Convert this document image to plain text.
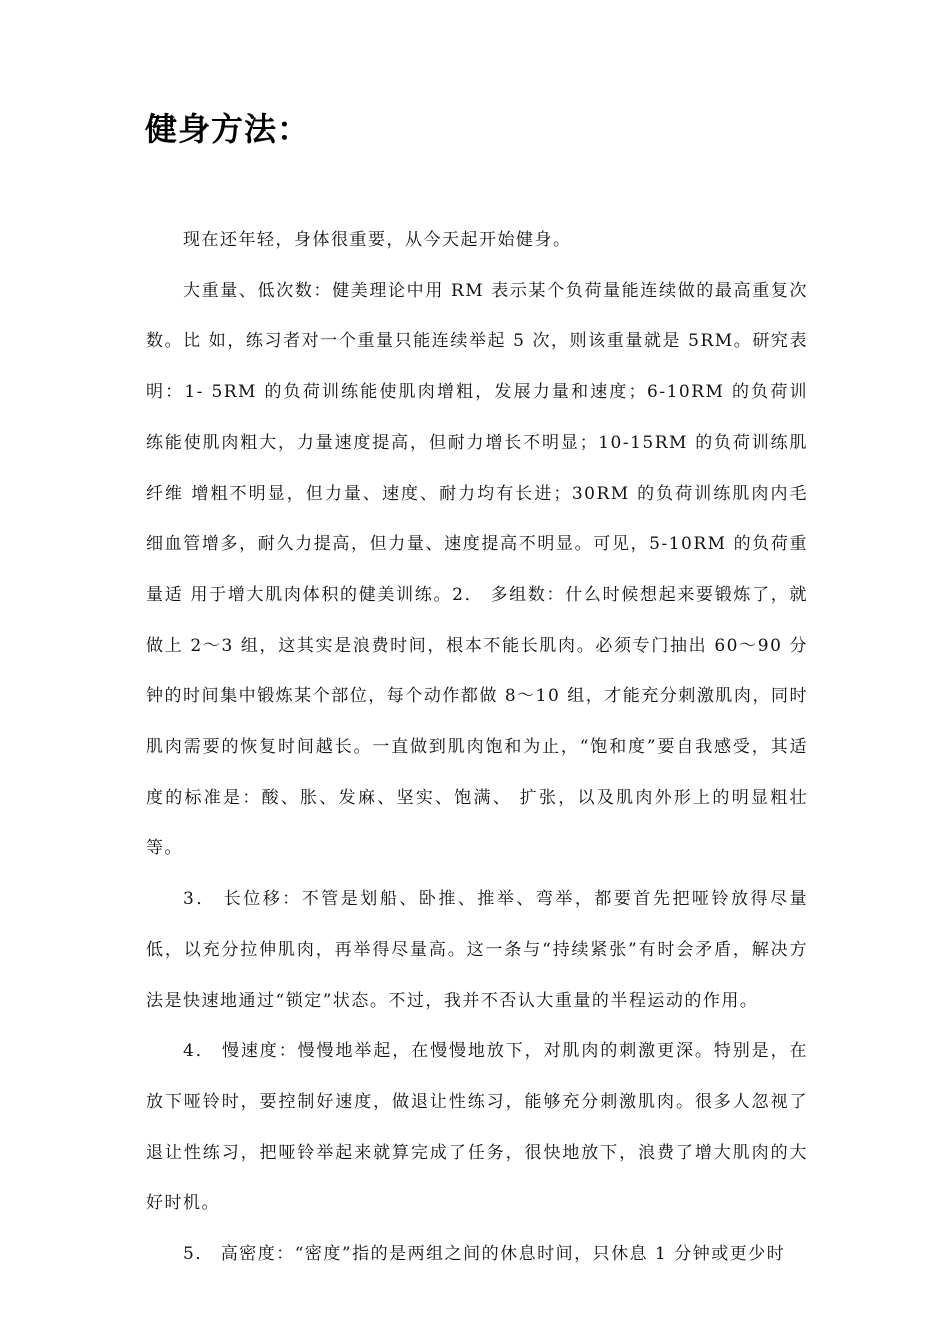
健身方法：

现在还年轻，身体很重要，从今天起开始健身。

大重量、低次数：健美理论中用 RM 表示某个负荷量能连续做的最高重复次数。比 如，练习者对一个重量只能连续举起 5 次，则该重量就是 5RM。研究表明：1- 5RM 的负荷训练能使肌肉增粗，发展力量和速度；6-10RM 的负荷训练能使肌肉粗大，力量速度提高，但耐力增长不明显；10-15RM 的负荷训练肌纤维 增粗不明显，但力量、速度、耐力均有长进；30RM 的负荷训练肌肉内毛细血管增多，耐久力提高，但力量、速度提高不明显。可见，5-10RM 的负荷重量适 用于增大肌肉体积的健美训练。2． 多组数：什么时候想起来要锻炼了，就做上 2～3 组，这其实是浪费时间，根本不能长肌肉。必须专门抽出 60～90 分钟的时间集中锻炼某个部位，每个动作都做 8～10 组，才能充分刺激肌肉，同时肌肉需要的恢复时间越长。一直做到肌肉饱和为止，“饱和度”要自我感受，其适度的标准是：酸、胀、发麻、坚实、饱满、 扩张，以及肌肉外形上的明显粗壮等。

3． 长位移：不管是划船、卧推、推举、弯举，都要首先把哑铃放得尽量低，以充分拉伸肌肉，再举得尽量高。这一条与“持续紧张”有时会矛盾，解决方法是快速地通过“锁定”状态。不过，我并不否认大重量的半程运动的作用。

4． 慢速度：慢慢地举起，在慢慢地放下，对肌肉的刺激更深。特别是，在放下哑铃时，要控制好速度，做退让性练习，能够充分刺激肌肉。很多人忽视了退让性练习，把哑铃举起来就算完成了任务，很快地放下，浪费了增大肌肉的大好时机。

5． 高密度：“密度”指的是两组之间的休息时间，只休息 1 分钟或更少时
